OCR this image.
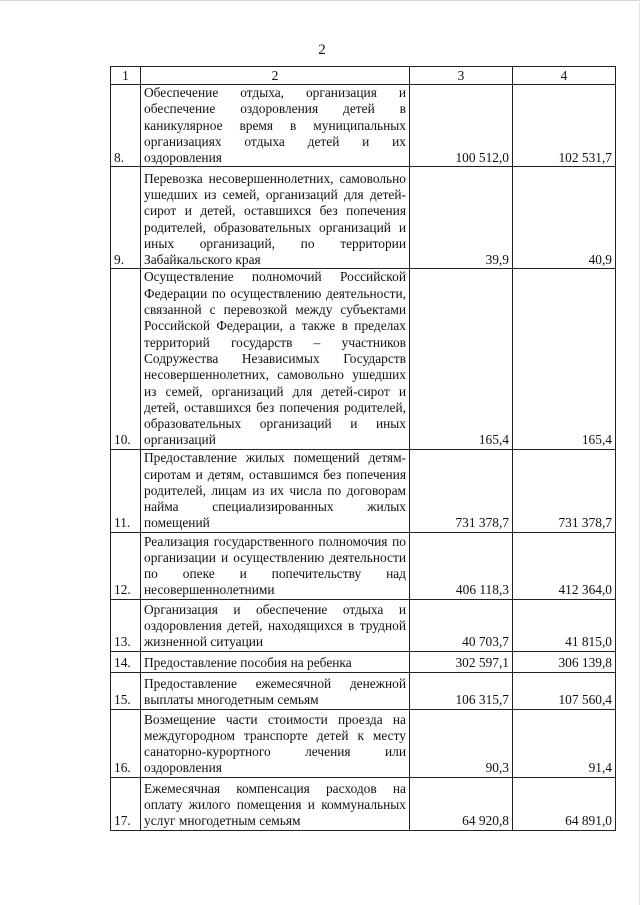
2
1	2	3	4
8.	Обеспечение отдыха, организация и обеспечение оздоровления детей в каникулярное время в муниципальных организациях отдыха детей и их оздоровления	100 512,0	102 531,7
9.	Перевозка несовершеннолетних, самовольно ушедших из семей, организаций для детей-сирот и детей, оставшихся без попечения родителей, образовательных организаций и иных организаций, по территории Забайкальского края	39,9	40,9
10.	Осуществление полномочий Российской Федерации по осуществлению деятельности, связанной с перевозкой между субъектами Российской Федерации, а также в пределах территорий государств – участников Содружества Независимых Государств несовершеннолетних, самовольно ушедших из семей, организаций для детей-сирот и детей, оставшихся без попечения родителей, образовательных организаций и иных организаций	165,4	165,4
11.	Предоставление жилых помещений детям-сиротам и детям, оставшимся без попечения родителей, лицам из их числа по договорам найма специализированных жилых помещений	731 378,7	731 378,7
12.	Реализация государственного полномочия по организации и осуществлению деятельности по опеке и попечительству над несовершеннолетними	406 118,3	412 364,0
13.	Организация и обеспечение отдыха и оздоровления детей, находящихся в трудной жизненной ситуации	40 703,7	41 815,0
14.	Предоставление пособия на ребенка	302 597,1	306 139,8
15.	Предоставление ежемесячной денежной выплаты многодетным семьям	106 315,7	107 560,4
16.	Возмещение части стоимости проезда на междугородном транспорте детей к месту санаторно-курортного лечения или оздоровления	90,3	91,4
17.	Ежемесячная компенсация расходов на оплату жилого помещения и коммунальных услуг многодетным семьям	64 920,8	64 891,0
